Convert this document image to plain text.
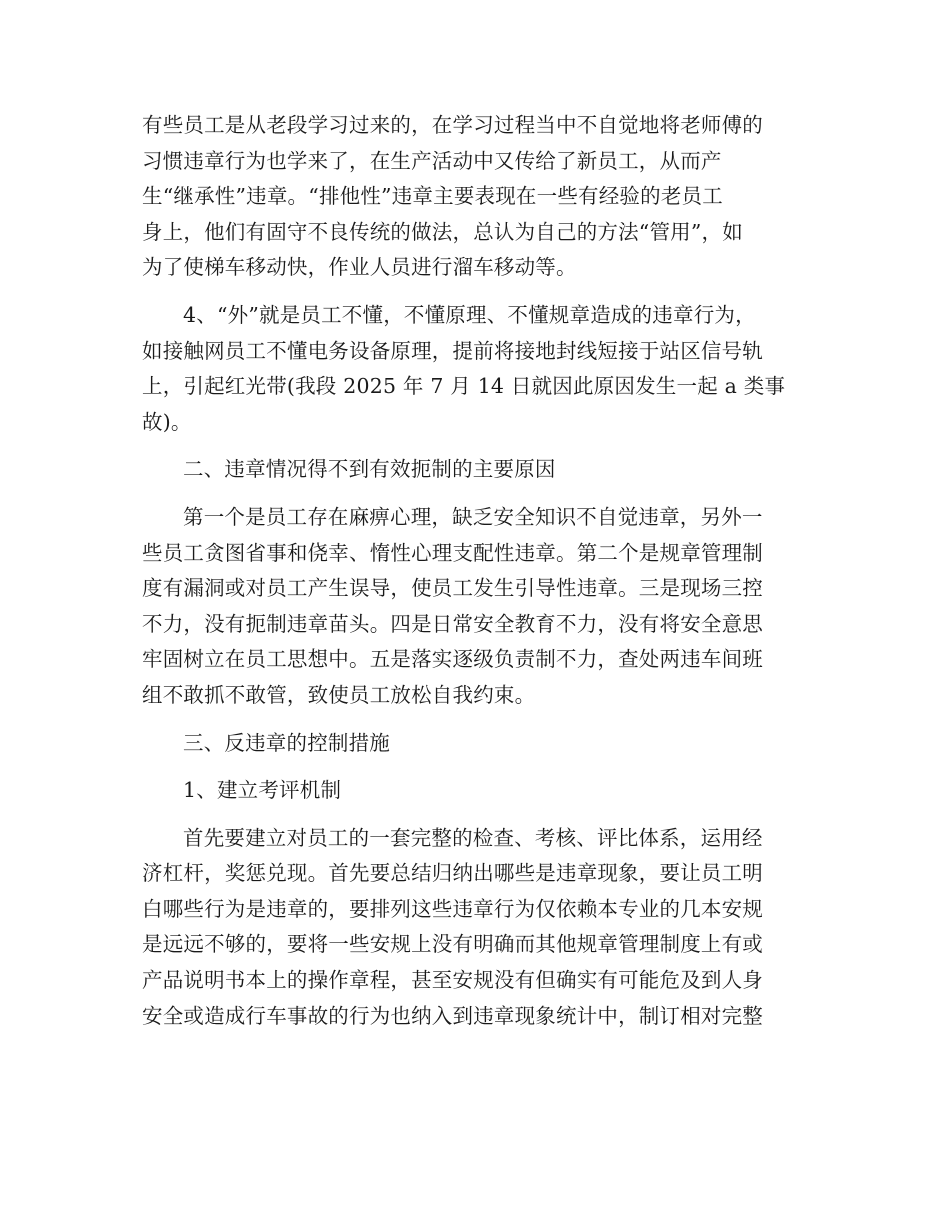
有些员工是从老段学习过来的，在学习过程当中不自觉地将老师傅的
习惯违章行为也学来了，在生产活动中又传给了新员工，从而产
生“继承性”违章。“排他性”违章主要表现在一些有经验的老员工
身上，他们有固守不良传统的做法，总认为自己的方法“管用”，如
为了使梯车移动快，作业人员进行溜车移动等。
4、“外”就是员工不懂，不懂原理、不懂规章造成的违章行为，
如接触网员工不懂电务设备原理，提前将接地封线短接于站区信号轨
上，引起红光带(我段 2025 年 7 月 14 日就因此原因发生一起 a 类事
故)。
二、违章情况得不到有效扼制的主要原因
第一个是员工存在麻痹心理，缺乏安全知识不自觉违章，另外一
些员工贪图省事和侥幸、惰性心理支配性违章。第二个是规章管理制
度有漏洞或对员工产生误导，使员工发生引导性违章。三是现场三控
不力，没有扼制违章苗头。四是日常安全教育不力，没有将安全意思
牢固树立在员工思想中。五是落实逐级负责制不力，查处两违车间班
组不敢抓不敢管，致使员工放松自我约束。
三、反违章的控制措施
1、建立考评机制
首先要建立对员工的一套完整的检查、考核、评比体系，运用经
济杠杆，奖惩兑现。首先要总结归纳出哪些是违章现象，要让员工明
白哪些行为是违章的，要排列这些违章行为仅依赖本专业的几本安规
是远远不够的，要将一些安规上没有明确而其他规章管理制度上有或
产品说明书本上的操作章程，甚至安规没有但确实有可能危及到人身
安全或造成行车事故的行为也纳入到违章现象统计中，制订相对完整
